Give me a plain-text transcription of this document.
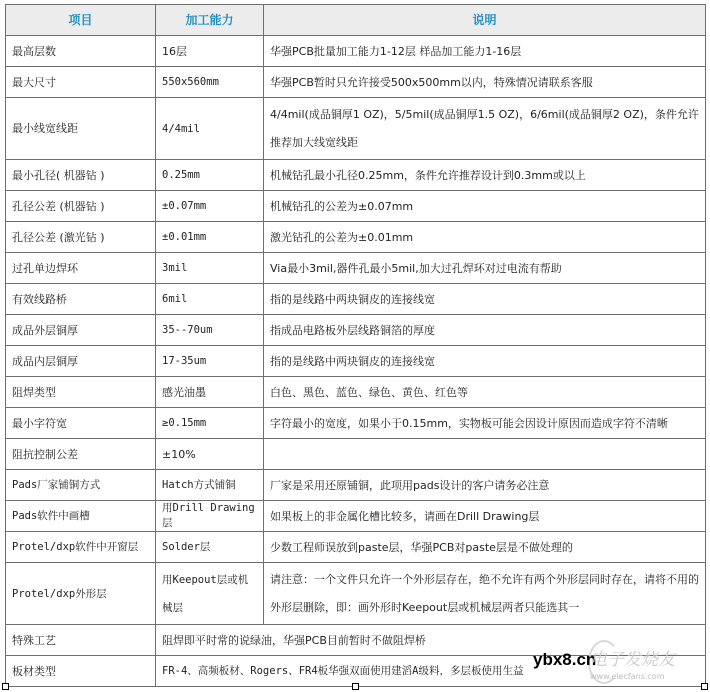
项目	加工能力	说明
最高层数	16层	华强PCB批量加工能力1-12层 样品加工能力1-16层
最大尺寸	550x560mm	华强PCB暂时只允许接受500x500mm以内，特殊情况请联系客服
最小线宽线距	4/4mil	4/4mil(成品铜厚1 OZ)，5/5mil(成品铜厚1.5 OZ)，6/6mil(成品铜厚2 OZ)，条件允许推荐加大线宽线距
最小孔径( 机器钻 )	0.25mm	机械钻孔最小孔径0.25mm，条件允许推荐设计到0.3mm或以上
孔径公差 (机器钻 )	±0.07mm	机械钻孔的公差为±0.07mm
孔径公差 (激光钻 )	±0.01mm	激光钻孔的公差为±0.01mm
过孔单边焊环	3mil	Via最小3mil,器件孔最小5mil,加大过孔焊环对过电流有帮助
有效线路桥	6mil	指的是线路中两块铜皮的连接线宽
成品外层铜厚	35--70um	指成品电路板外层线路铜箔的厚度
成品内层铜厚	17-35um	指的是线路中两块铜皮的连接线宽
阻焊类型	感光油墨	白色、黑色、蓝色、绿色、黄色、红色等
最小字符宽	≥0.15mm	字符最小的宽度，如果小于0.15mm，实物板可能会因设计原因而造成字符不清晰
阻抗控制公差	±10%	
Pads厂家铺铜方式	Hatch方式铺铜	厂家是采用还原铺铜，此项用pads设计的客户请务必注意
Pads软件中画槽	用Drill Drawing层	如果板上的非金属化槽比较多，请画在Drill Drawing层
Protel/dxp软件中开窗层	Solder层	少数工程师误放到paste层，华强PCB对paste层是不做处理的
Protel/dxp外形层	用Keepout层或机械层	请注意：一个文件只允许一个外形层存在，绝不允许有两个外形层同时存在，请将不用的外形层删除，即：画外形时Keepout层或机械层两者只能选其一
特殊工艺	阻焊即平时常的说绿油，华强PCB目前暂时不做阻焊桥	
板材类型	FR-4、高频板材、Rogers、FR4板华强双面使用建滔A级料，多层板使用生益	
ybx8.cn
电子发烧友
www.elecfans.com
